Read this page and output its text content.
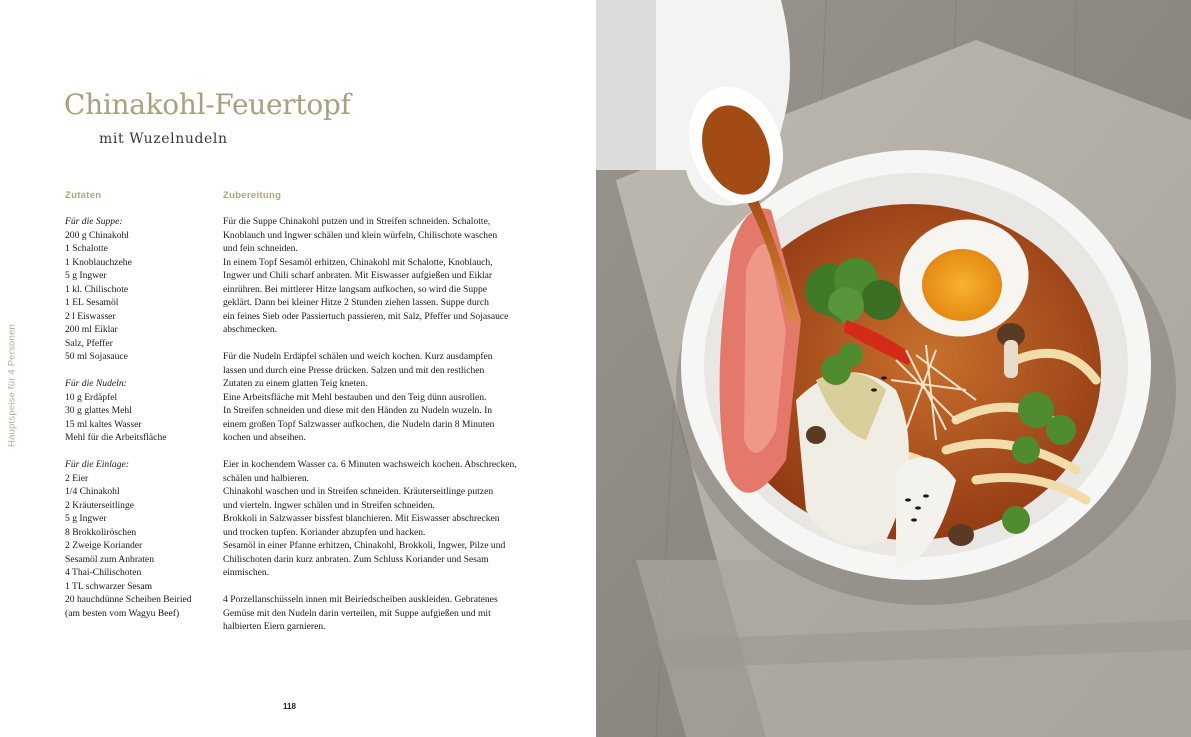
Hauptspeise für 4 Personen
Chinakohl-Feuertopf
mit Wuzelnudeln
Zutaten	Zubereitung
Für die Suppe:
200 g Chinakohl
1 Schalotte
1 Knoblauchzehe
5 g Ingwer
1 kl. Chilischote
1 EL Sesamöl
2 l Eiswasser
200 ml Eiklar
Salz, Pfeffer
50 ml Sojasauce
Für die Nudeln:
10 g Erdäpfel
30 g glattes Mehl
15 ml kaltes Wasser
Mehl für die Arbeitsfläche
Für die Einlage:
2 Eier
1/4 Chinakohl
2 Kräuterseitlinge
5 g Ingwer
8 Brokkoliröschen
2 Zweige Koriander
Sesamöl zum Anbraten
4 Thai-Chilischoten
1 TL schwarzer Sesam
20 hauchdünne Scheiben Beiried
(am besten vom Wagyu Beef)
Für die Suppe Chinakohl putzen und in Streifen schneiden. Schalotte,
Knoblauch und Ingwer schälen und klein würfeln, Chilischote waschen
und fein schneiden.
In einem Topf Sesamöl erhitzen, Chinakohl mit Schalotte, Knoblauch,
Ingwer und Chili scharf anbraten. Mit Eiswasser aufgießen und Eiklar
einrühren. Bei mittlerer Hitze langsam aufkochen, so wird die Suppe
geklärt. Dann bei kleiner Hitze 2 Stunden ziehen lassen. Suppe durch
ein feines Sieb oder Passiertuch passieren, mit Salz, Pfeffer und Sojasauce
abschmecken.
Für die Nudeln Erdäpfel schälen und weich kochen. Kurz ausdampfen
lassen und durch eine Presse drücken. Salzen und mit den restlichen
Zutaten zu einem glatten Teig kneten.
Eine Arbeitsfläche mit Mehl bestauben und den Teig dünn ausrollen.
In Streifen schneiden und diese mit den Händen zu Nudeln wuzeln. In
einem großen Topf Salzwasser aufkochen, die Nudeln darin 8 Minuten
kochen und abseihen.
Eier in kochendem Wasser ca. 6 Minuten wachsweich kochen. Abschrecken,
schälen und halbieren.
Chinakohl waschen und in Streifen schneiden. Kräuterseitlinge putzen
und vierteln. Ingwer schälen und in Streifen schneiden.
Brokkoli in Salzwasser bissfest blanchieren. Mit Eiswasser abschrecken
und trocken tupfen. Koriander abzupfen und hacken.
Sesamöl in einer Pfanne erhitzen, Chinakohl, Brokkoli, Ingwer, Pilze und
Chilischoten darin kurz anbraten. Zum Schluss Koriander und Sesam
einmischen.
4 Porzellanschüsseln innen mit Beiriedscheiben auskleiden. Gebratenes
Gemüse mit den Nudeln darin verteilen, mit Suppe aufgießen und mit
halbierten Eiern garnieren.
118
